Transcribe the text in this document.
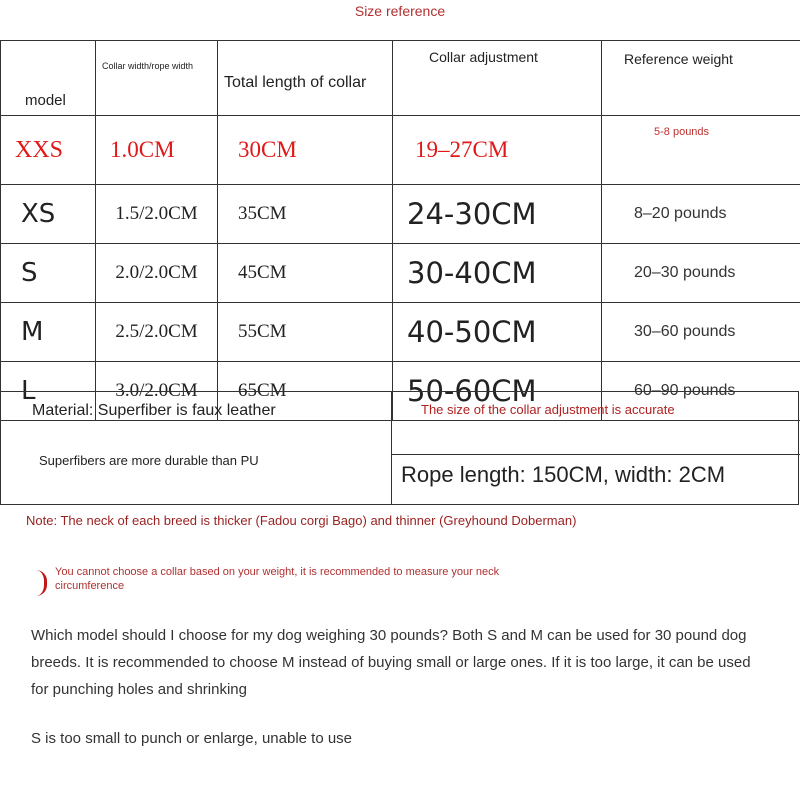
Size reference
model	Collar width/rope width	Total length of collar	Collar adjustment	Reference weight
XXS	1.0CM	30CM	19–27CM	5-8 pounds
XS	1.5/2.0CM	35CM	24-30CM	8–20 pounds
S	2.0/2.0CM	45CM	30-40CM	20–30 pounds
M	2.5/2.0CM	55CM	40-50CM	30–60 pounds
L	3.0/2.0CM	65CM	50-60CM	60–90 pounds
Material: Superfiber is faux leather
Superfibers are more durable than PU
The size of the collar adjustment is accurate
Rope length: 150CM, width: 2CM
Note: The neck of each breed is thicker (Fadou corgi Bago) and thinner (Greyhound Doberman)
You cannot choose a collar based on your weight, it is recommended to measure your neck circumference
Which model should I choose for my dog weighing 30 pounds? Both S and M can be used for 30 pound dog breeds. It is recommended to choose M instead of buying small or large ones. If it is too large, it can be used for punching holes and shrinking
S is too small to punch or enlarge, unable to use
